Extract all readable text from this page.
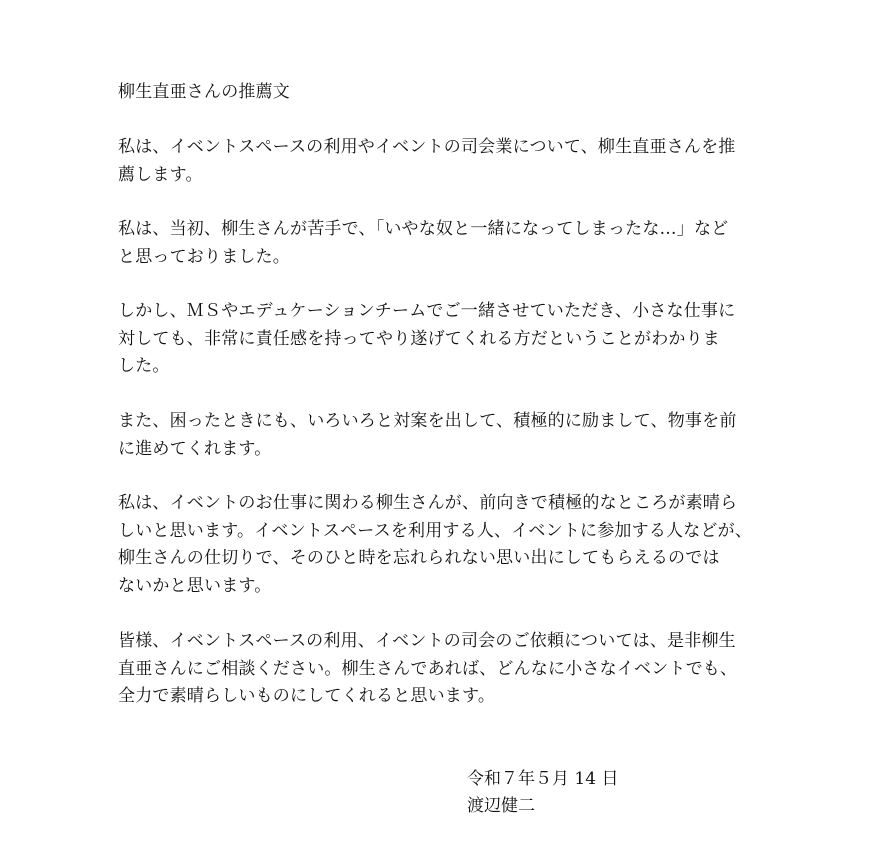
柳生直亜さんの推薦文

私は、イベントスペースの利用やイベントの司会業について、柳生直亜さんを推
薦します。

私は、当初、柳生さんが苦手で、「いやな奴と一緒になってしまったな…」など
と思っておりました。

しかし、ＭＳやエデュケーションチームでご一緒させていただき、小さな仕事に
対しても、非常に責任感を持ってやり遂げてくれる方だということがわかりま
した。

また、困ったときにも、いろいろと対案を出して、積極的に励まして、物事を前
に進めてくれます。

私は、イベントのお仕事に関わる柳生さんが、前向きで積極的なところが素晴ら
しいと思います。イベントスペースを利用する人、イベントに参加する人などが、
柳生さんの仕切りで、そのひと時を忘れられない思い出にしてもらえるのでは
ないかと思います。

皆様、イベントスペースの利用、イベントの司会のご依頼については、是非柳生
直亜さんにご相談ください。柳生さんであれば、どんなに小さなイベントでも、
全力で素晴らしいものにしてくれると思います。

令和７年５月 14 日

渡辺健二
